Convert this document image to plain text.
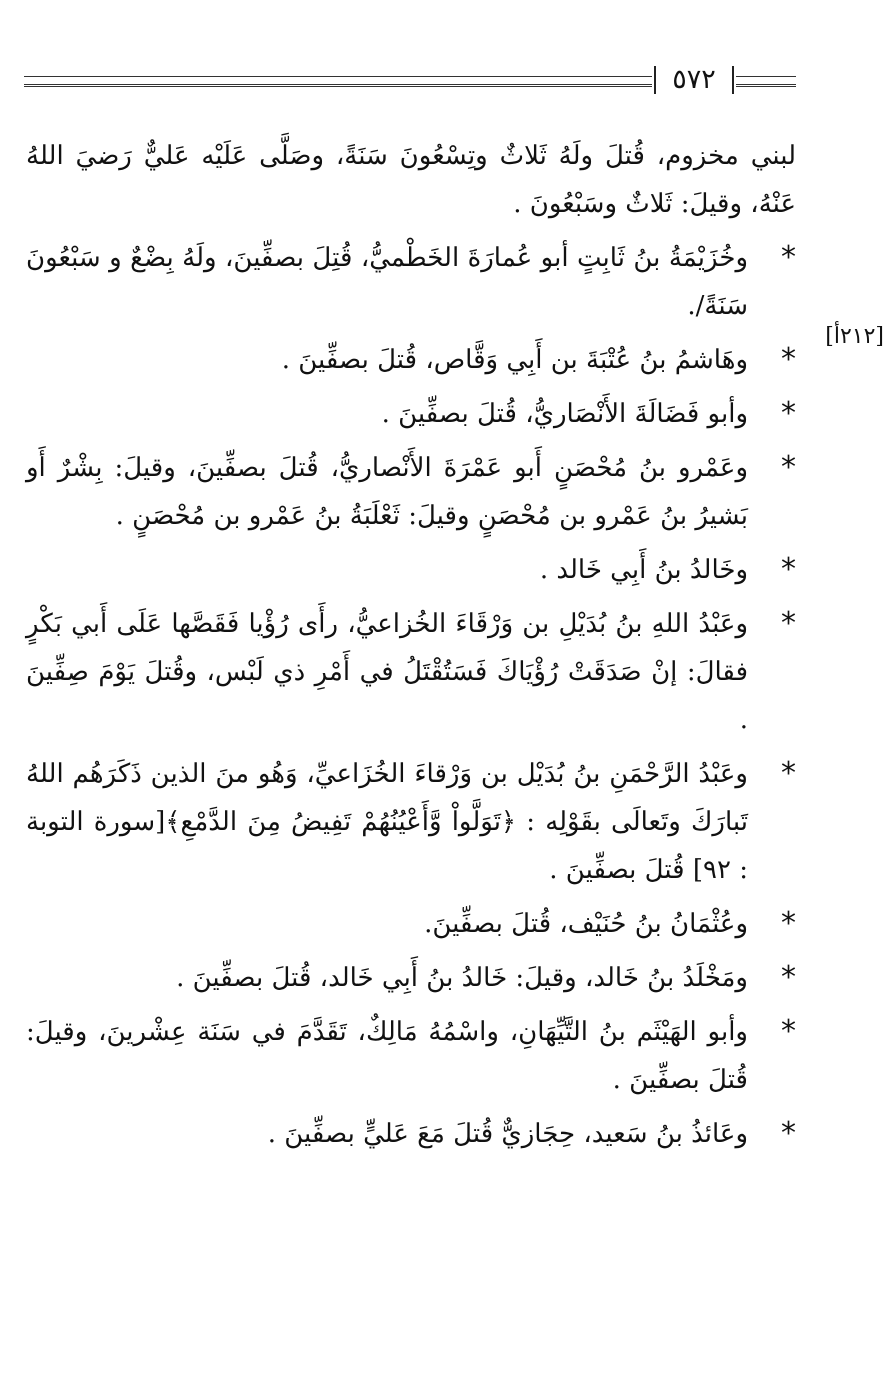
٥٧٢
[٢١٢أ]
لبني مخزوم، قُتلَ ولَهُ ثَلاثٌ وتِسْعُونَ سَنَةً، وصَلَّى عَلَيْه عَليٌّ رَضيَ اللهُ عَنْهُ، وقيلَ: ثَلاثٌ وسَبْعُونَ .
*
وخُزَيْمَةُ بنُ ثَابِتٍ أبو عُمارَةَ الخَطْميُّ، قُتِلَ بصفِّينَ، ولَهُ بِضْعٌ و سَبْعُونَ سَنَةً/.
*
وهَاشمُ بنُ عُتْبَةَ بن أَبِي وَقَّاص، قُتلَ بصفِّينَ .
*
وأبو فَضَالَةَ الأَنْصَاريُّ، قُتلَ بصفِّينَ .
*
وعَمْرو بنُ مُحْصَنٍ أَبو عَمْرَةَ الأَنْصاريُّ، قُتلَ بصفِّينَ، وقيلَ: بِشْرٌ أَو بَشيرُ بنُ عَمْرو بن مُحْصَنٍ وقيلَ: ثَعْلَبَةُ بنُ عَمْرو بن مُحْصَنٍ .
*
وخَالدُ بنُ أَبِي خَالد .
*
وعَبْدُ اللهِ بنُ بُدَيْلِ بن وَرْقَاءَ الخُزاعيُّ، رأَى رُؤْيا فَقَصَّها عَلَى أَبي بَكْرٍ فقالَ: إنْ صَدَقَتْ رُؤْيَاكَ فَسَتُقْتَلُ في أَمْرِ ذي لَبْس، وقُتلَ يَوْمَ صِفِّينَ .
*
وعَبْدُ الرَّحْمَنِ بنُ بُدَيْل بن وَرْقاءَ الخُزَاعيِّ، وَهُو منَ الذين ذَكَرَهُم اللهُ تَبارَكَ وتَعالَى بقَوْلِه : ﴿تَوَلَّواْ وَّأَعْيُنُهُمْ تَفِيضُ مِنَ الدَّمْعِ﴾[سورة التوبة : ٩٢] قُتلَ بصفِّينَ .
*
وعُثْمَانُ بنُ حُنَيْف، قُتلَ بصفِّينَ.
*
ومَخْلَدُ بنُ خَالد، وقيلَ: خَالدُ بنُ أَبِي خَالد، قُتلَ بصفِّينَ .
*
وأبو الهَيْثَم بنُ التَّيِّهَانِ، واسْمُهُ مَالِكٌ، تَقَدَّمَ في سَنَة عِشْرينَ، وقيلَ: قُتلَ بصفِّينَ .
*
وعَائذُ بنُ سَعيد، حِجَازيٌّ قُتلَ مَعَ عَليٍّ بصفِّينَ .
